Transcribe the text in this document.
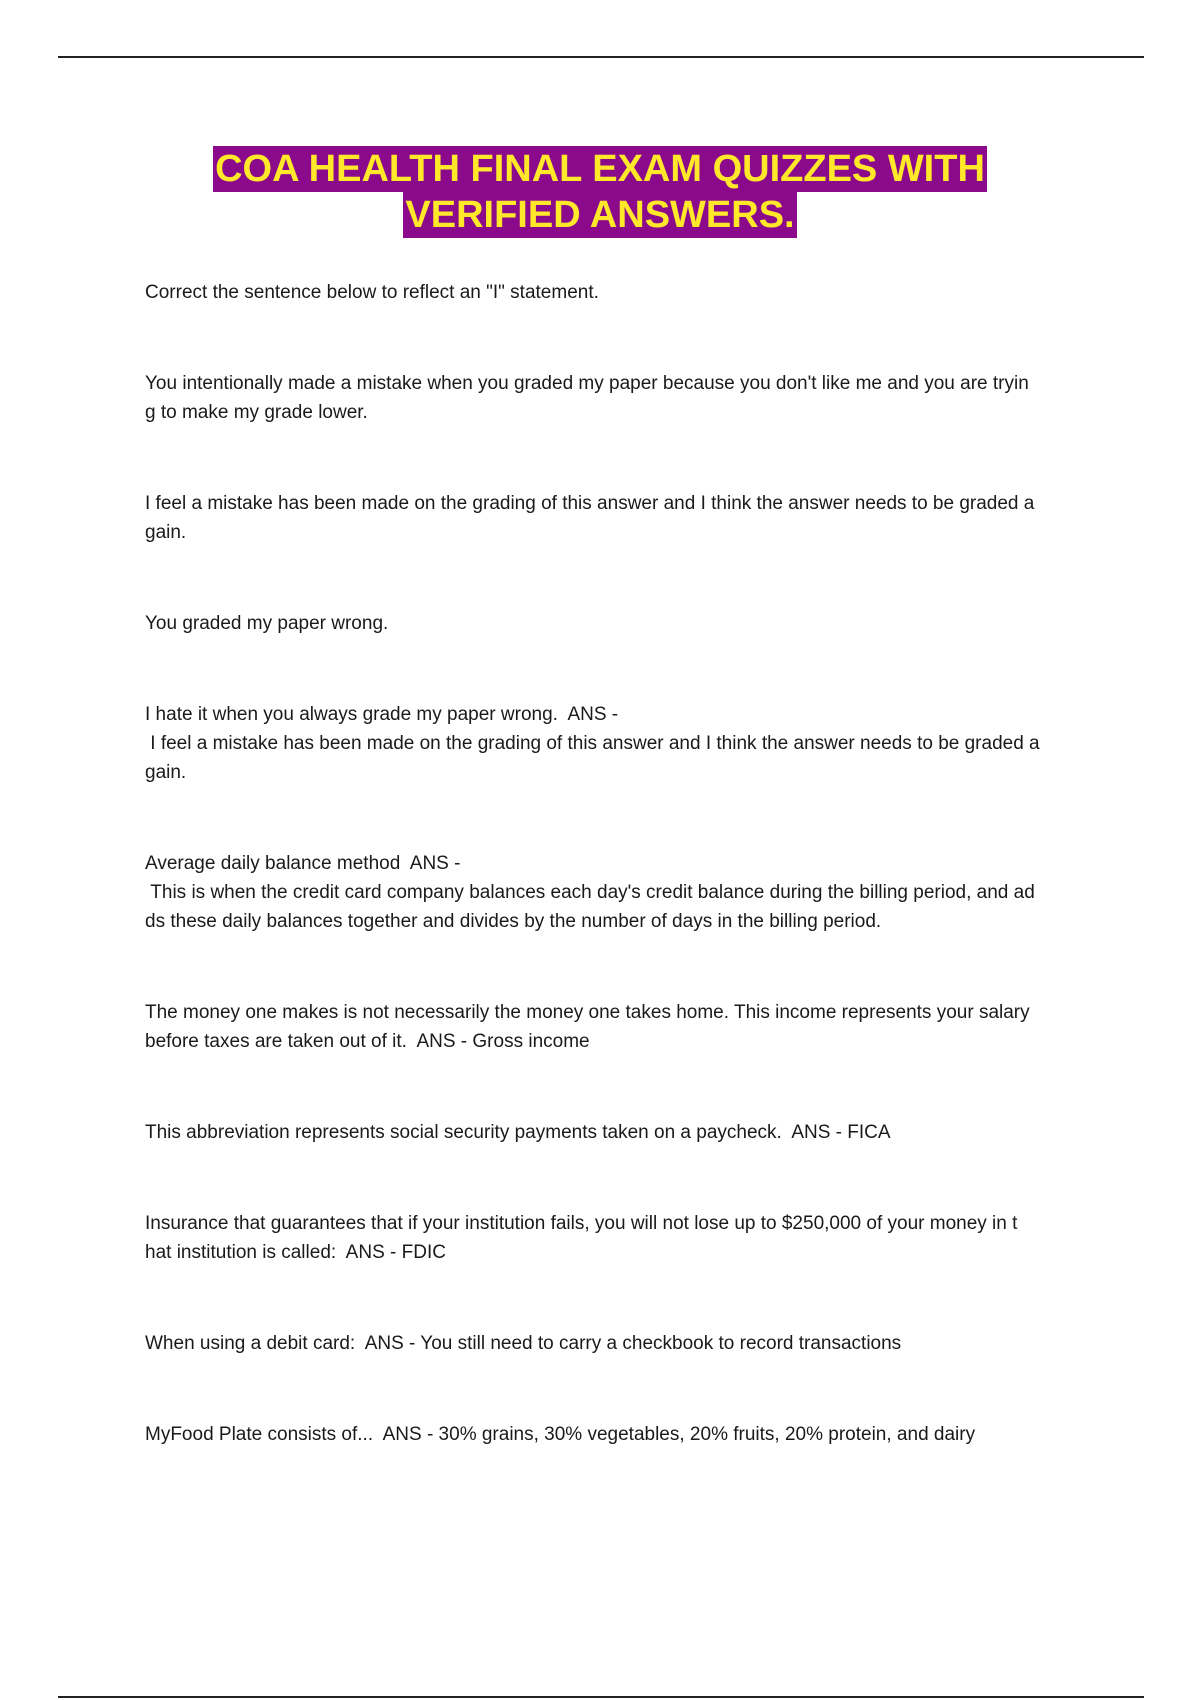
COA HEALTH FINAL EXAM QUIZZES WITH
VERIFIED ANSWERS.

Correct the sentence below to reflect an "I" statement.

You intentionally made a mistake when you graded my paper because you don't like me and you are tryin
g to make my grade lower.

I feel a mistake has been made on the grading of this answer and I think the answer needs to be graded a
gain.

You graded my paper wrong.

I hate it when you always grade my paper wrong.  ANS -
I feel a mistake has been made on the grading of this answer and I think the answer needs to be graded a
gain.

Average daily balance method  ANS -
This is when the credit card company balances each day's credit balance during the billing period, and ad
ds these daily balances together and divides by the number of days in the billing period.

The money one makes is not necessarily the money one takes home. This income represents your salary
before taxes are taken out of it.  ANS - Gross income

This abbreviation represents social security payments taken on a paycheck.  ANS - FICA

Insurance that guarantees that if your institution fails, you will not lose up to $250,000 of your money in t
hat institution is called:  ANS - FDIC

When using a debit card:  ANS - You still need to carry a checkbook to record transactions

MyFood Plate consists of...  ANS - 30% grains, 30% vegetables, 20% fruits, 20% protein, and dairy
